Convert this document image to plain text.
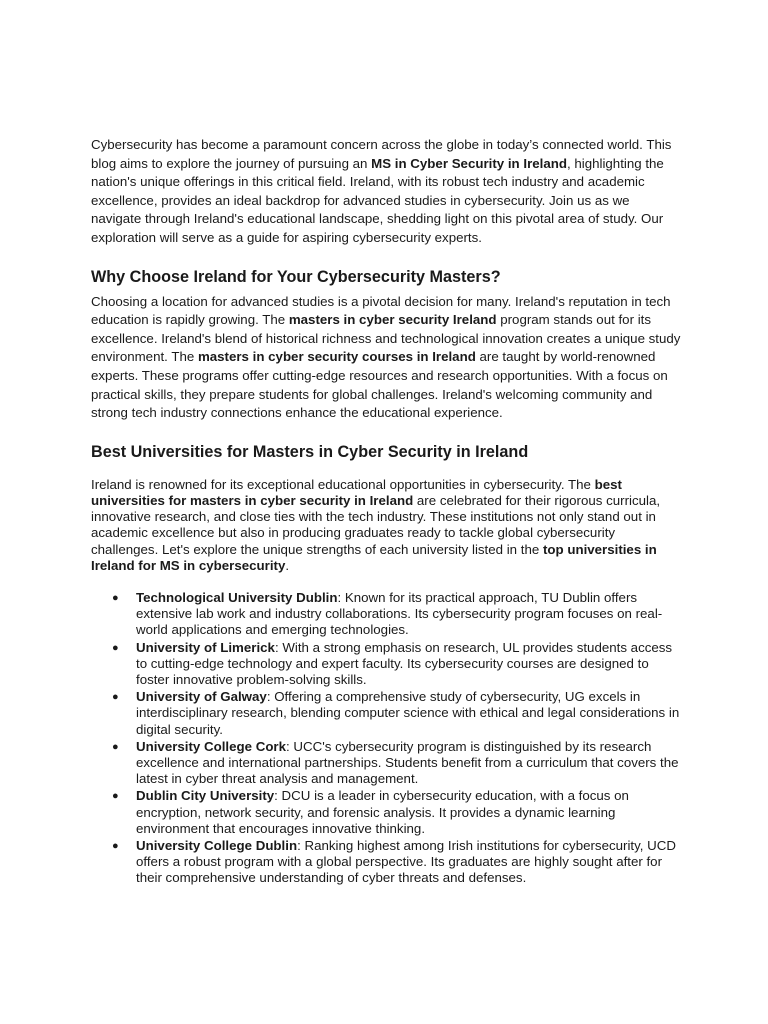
Cybersecurity has become a paramount concern across the globe in today’s connected world. This blog aims to explore the journey of pursuing an MS in Cyber Security in Ireland, highlighting the nation's unique offerings in this critical field. Ireland, with its robust tech industry and academic excellence, provides an ideal backdrop for advanced studies in cybersecurity. Join us as we navigate through Ireland's educational landscape, shedding light on this pivotal area of study. Our exploration will serve as a guide for aspiring cybersecurity experts.

Why Choose Ireland for Your Cybersecurity Masters?

Choosing a location for advanced studies is a pivotal decision for many. Ireland's reputation in tech education is rapidly growing. The masters in cyber security Ireland program stands out for its excellence. Ireland's blend of historical richness and technological innovation creates a unique study environment. The masters in cyber security courses in Ireland are taught by world-renowned experts. These programs offer cutting-edge resources and research opportunities. With a focus on practical skills, they prepare students for global challenges. Ireland's welcoming community and strong tech industry connections enhance the educational experience.

Best Universities for Masters in Cyber Security in Ireland

Ireland is renowned for its exceptional educational opportunities in cybersecurity. The best universities for masters in cyber security in Ireland are celebrated for their rigorous curricula, innovative research, and close ties with the tech industry. These institutions not only stand out in academic excellence but also in producing graduates ready to tackle global cybersecurity challenges. Let's explore the unique strengths of each university listed in the top universities in Ireland for MS in cybersecurity.

● Technological University Dublin: Known for its practical approach, TU Dublin offers extensive lab work and industry collaborations. Its cybersecurity program focuses on real-world applications and emerging technologies.
● University of Limerick: With a strong emphasis on research, UL provides students access to cutting-edge technology and expert faculty. Its cybersecurity courses are designed to foster innovative problem-solving skills.
● University of Galway: Offering a comprehensive study of cybersecurity, UG excels in interdisciplinary research, blending computer science with ethical and legal considerations in digital security.
● University College Cork: UCC's cybersecurity program is distinguished by its research excellence and international partnerships. Students benefit from a curriculum that covers the latest in cyber threat analysis and management.
● Dublin City University: DCU is a leader in cybersecurity education, with a focus on encryption, network security, and forensic analysis. It provides a dynamic learning environment that encourages innovative thinking.
● University College Dublin: Ranking highest among Irish institutions for cybersecurity, UCD offers a robust program with a global perspective. Its graduates are highly sought after for their comprehensive understanding of cyber threats and defenses.
